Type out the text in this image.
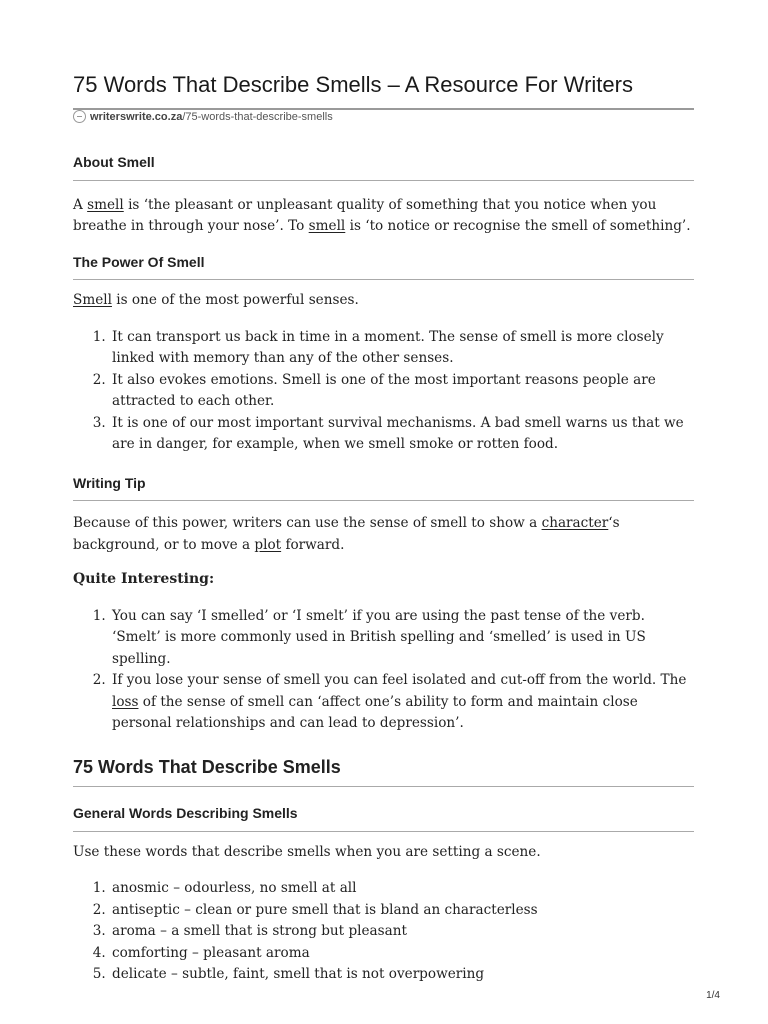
75 Words That Describe Smells – A Resource For Writers
writerswrite.co.za/75-words-that-describe-smells
About Smell

A smell is ‘the pleasant or unpleasant quality of something that you notice when you breathe in through your nose’. To smell is ‘to notice or recognise the smell of something’.

The Power Of Smell

Smell is one of the most powerful senses.

1. It can transport us back in time in a moment. The sense of smell is more closely linked with memory than any of the other senses.
2. It also evokes emotions. Smell is one of the most important reasons people are attracted to each other.
3. It is one of our most important survival mechanisms. A bad smell warns us that we are in danger, for example, when we smell smoke or rotten food.
Writing Tip

Because of this power, writers can use the sense of smell to show a character‘s background, or to move a plot forward.

Quite Interesting:

1. You can say ‘I smelled’ or ‘I smelt’ if you are using the past tense of the verb. ‘Smelt’ is more commonly used in British spelling and ‘smelled’ is used in US spelling.
2. If you lose your sense of smell you can feel isolated and cut-off from the world. The loss of the sense of smell can ‘affect one’s ability to form and maintain close personal relationships and can lead to depression’.
75 Words That Describe Smells
General Words Describing Smells

Use these words that describe smells when you are setting a scene.

1. anosmic – odourless, no smell at all
2. antiseptic – clean or pure smell that is bland an characterless
3. aroma – a smell that is strong but pleasant
4. comforting – pleasant aroma
5. delicate – subtle, faint, smell that is not overpowering
1/4
